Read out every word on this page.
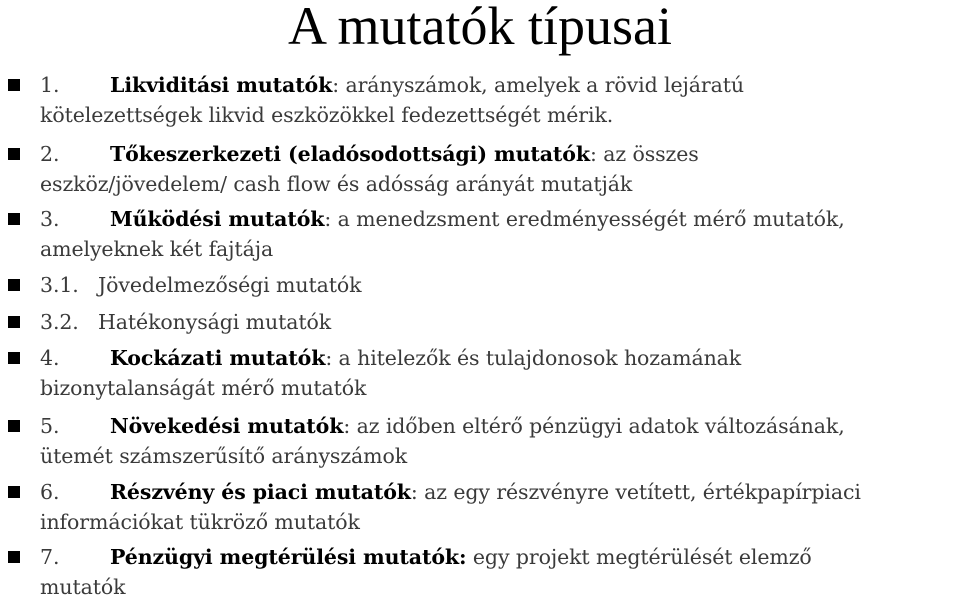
A mutatók típusai
1. Likviditási mutatók: arányszámok, amelyek a rövid lejáratú
kötelezettségek likvid eszközökkel fedezettségét mérik.
2. Tőkeszerkezeti (eladósodottsági) mutatók: az összes
eszköz/jövedelem/ cash flow és adósság arányát mutatják
3. Működési mutatók: a menedzsment eredményességét mérő mutatók,
amelyeknek két fajtája
3.1. Jövedelmezőségi mutatók
3.2. Hatékonysági mutatók
4. Kockázati mutatók: a hitelezők és tulajdonosok hozamának
bizonytalanságát mérő mutatók
5. Növekedési mutatók: az időben eltérő pénzügyi adatok változásának,
ütemét számszerűsítő arányszámok
6. Részvény és piaci mutatók: az egy részvényre vetített, értékpapírpiaci
információkat tükröző mutatók
7. Pénzügyi megtérülési mutatók: egy projekt megtérülését elemző
mutatók
